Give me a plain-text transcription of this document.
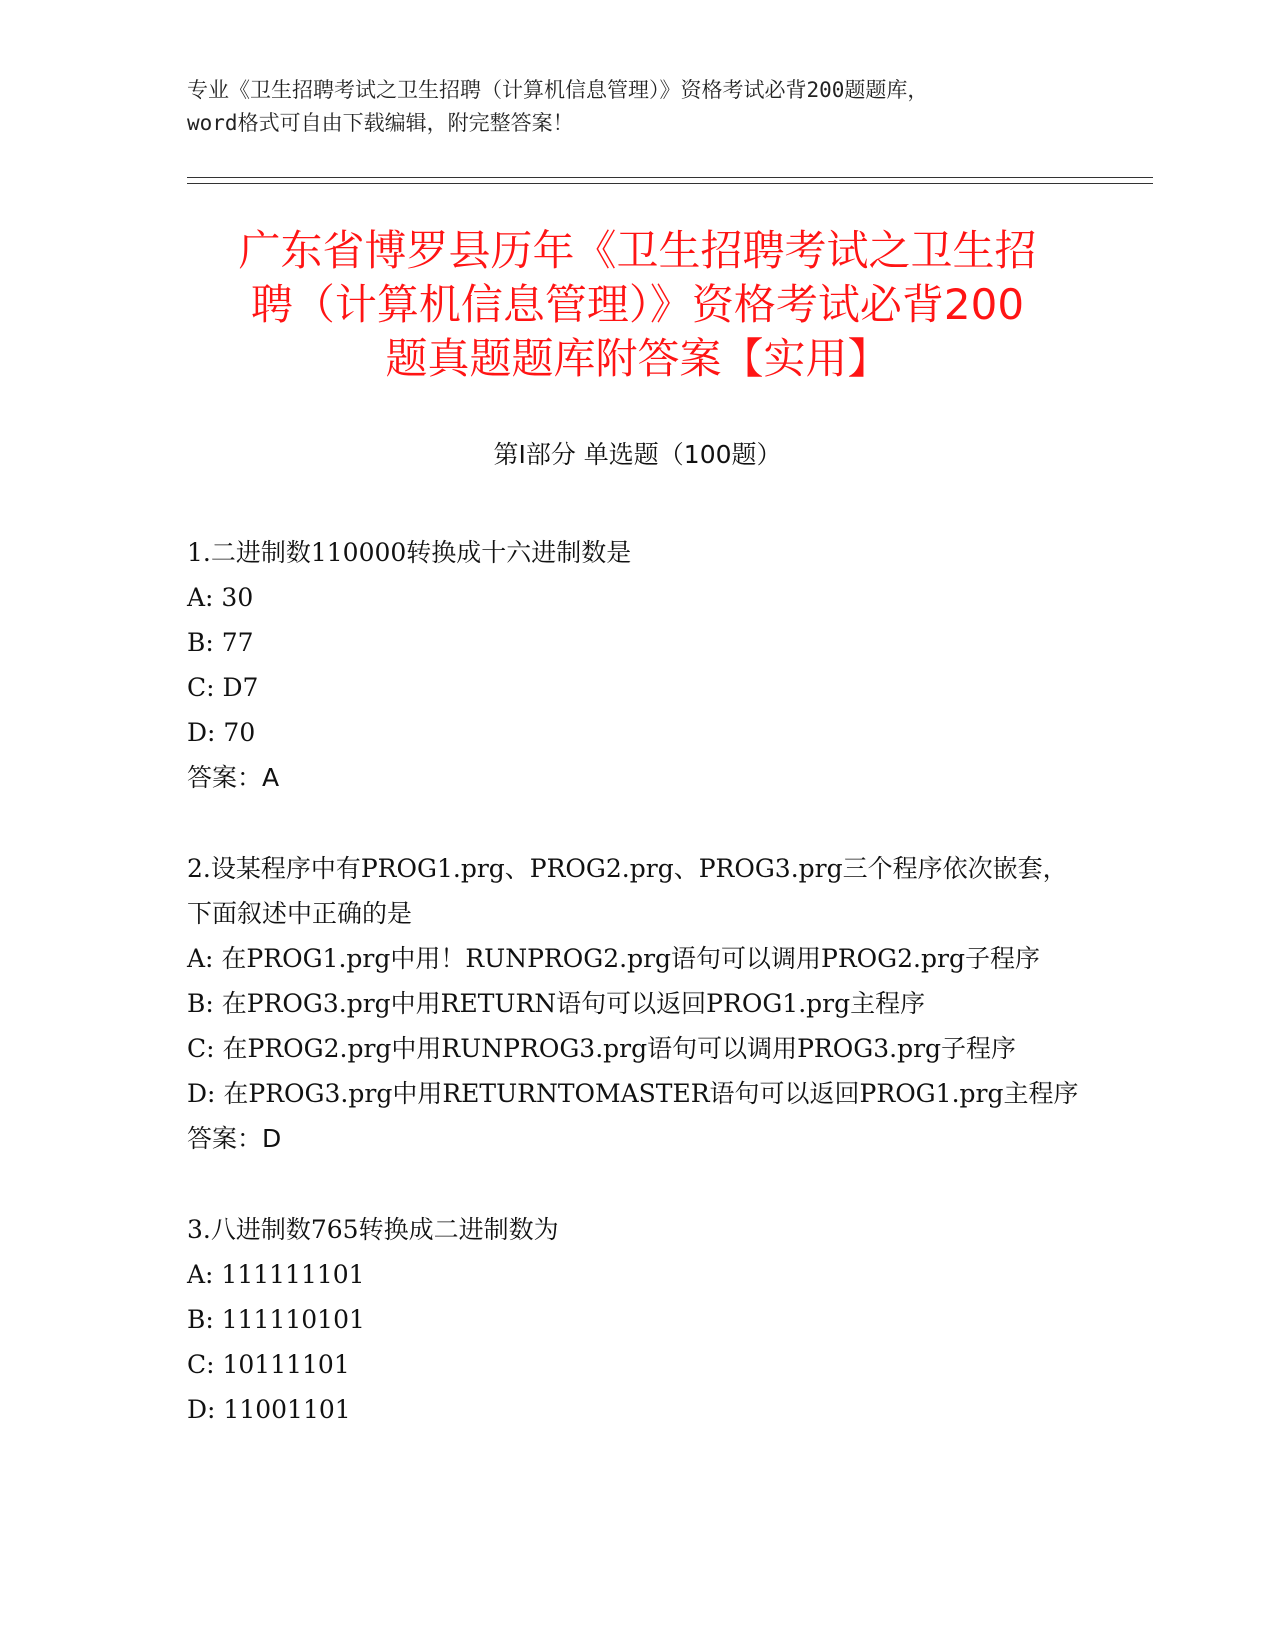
专业《卫生招聘考试之卫生招聘（计算机信息管理）》资格考试必背200题题库，
word格式可自由下载编辑，附完整答案！
广东省博罗县历年《卫生招聘考试之卫生招
聘（计算机信息管理）》资格考试必背200
题真题题库附答案【实用】
第I部分 单选题（100题）
1.二进制数110000转换成十六进制数是
A: 30
B: 77
C: D7
D: 70
答案：A
2.设某程序中有PROG1.prg、PROG2.prg、PROG3.prg三个程序依次嵌套，下面叙述中正确的是
A: 在PROG1.prg中用！RUNPROG2.prg语句可以调用PROG2.prg子程序
B: 在PROG3.prg中用RETURN语句可以返回PROG1.prg主程序
C: 在PROG2.prg中用RUNPROG3.prg语句可以调用PROG3.prg子程序
D: 在PROG3.prg中用RETURNTOMASTER语句可以返回PROG1.prg主程序
答案：D
3.八进制数765转换成二进制数为
A: 111111101
B: 111110101
C: 10111101
D: 11001101
